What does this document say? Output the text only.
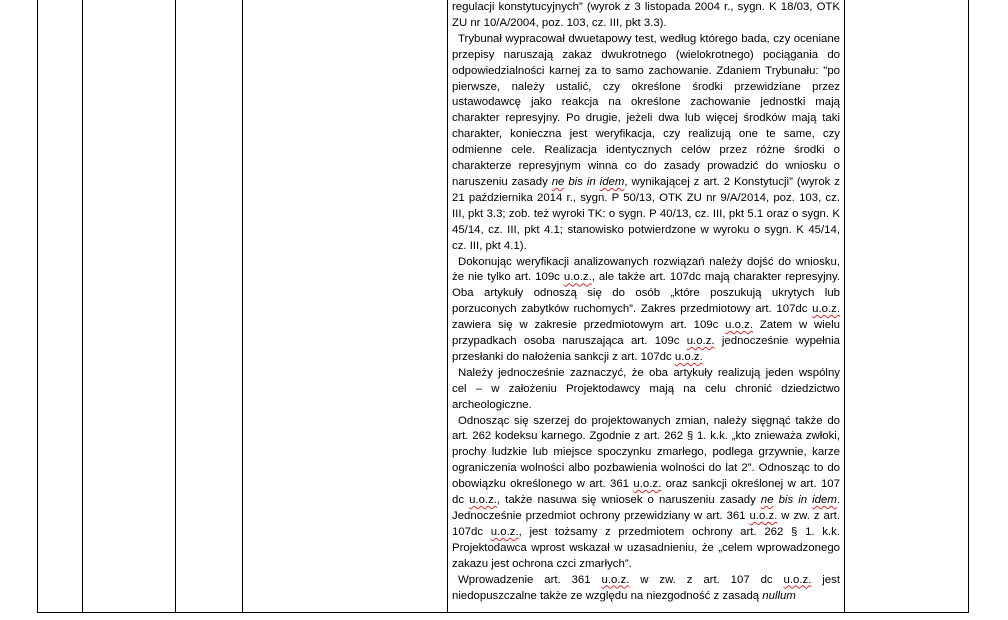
regulacji konstytucyjnych” (wyrok z 3 listopada 2004 r., sygn. K 18/03, OTK ZU nr 10/A/2004, poz. 103, cz. III, pkt 3.3).

Trybunał wypracował dwuetapowy test, według którego bada, czy oceniane przepisy naruszają zakaz dwukrotnego (wielokrotnego) pociągania do odpowiedzialności karnej za to samo zachowanie. Zdaniem Trybunału: "po pierwsze, należy ustalić, czy określone środki przewidziane przez ustawodawcę jako reakcja na określone zachowanie jednostki mają charakter represyjny. Po drugie, jeżeli dwa lub więcej środków mają taki charakter, konieczna jest weryfikacja, czy realizują one te same, czy odmienne cele. Realizacja identycznych celów przez różne środki o charakterze represyjnym winna co do zasady prowadzić do wniosku o naruszeniu zasady ne bis in idem, wynikającej z art. 2 Konstytucji” (wyrok z 21 października 2014 r., sygn. P 50/13, OTK ZU nr 9/A/2014, poz. 103, cz. III, pkt 3.3; zob. też wyroki TK: o sygn. P 40/13, cz. III, pkt 5.1 oraz o sygn. K 45/14, cz. III, pkt 4.1; stanowisko potwierdzone w wyroku o sygn. K 45/14, cz. III, pkt 4.1).

Dokonując weryfikacji analizowanych rozwiązań należy dojść do wniosku, że nie tylko art. 109c u.o.z., ale także art. 107dc mają charakter represyjny. Oba artykuły odnoszą się do osób „które poszukują ukrytych lub porzuconych zabytków ruchomych”. Zakres przedmiotowy art. 107dc u.o.z. zawiera się w zakresie przedmiotowym art. 109c u.o.z. Zatem w wielu przypadkach osoba naruszająca art. 109c u.o.z. jednocześnie wypełnia przesłanki do nałożenia sankcji z art. 107dc u.o.z.

Należy jednocześnie zaznaczyć, że oba artykuły realizują jeden wspólny cel – w założeniu Projektodawcy mają na celu chronić dziedzictwo archeologiczne.

Odnosząc się szerzej do projektowanych zmian, należy sięgnąć także do art. 262 kodeksu karnego. Zgodnie z art. 262 § 1. k.k. „kto znieważa zwłoki, prochy ludzkie lub miejsce spoczynku zmarłego, podlega grzywnie, karze ograniczenia wolności albo pozbawienia wolności do lat 2”. Odnosząc to do obowiązku określonego w art. 361 u.o.z. oraz sankcji określonej w art. 107 dc u.o.z., także nasuwa się wniosek o naruszeniu zasady ne bis in idem. Jednocześnie przedmiot ochrony przewidziany w art. 361 u.o.z. w zw. z art. 107dc u.o.z., jest tożsamy z przedmiotem ochrony art. 262 § 1. k.k. Projektodawca wprost wskazał w uzasadnieniu, że „celem wprowadzonego zakazu jest ochrona czci zmarłych”.

Wprowadzenie art. 361 u.o.z. w zw. z art. 107 dc u.o.z. jest niedopuszczalne także ze względu na niezgodność z zasadą nullum
